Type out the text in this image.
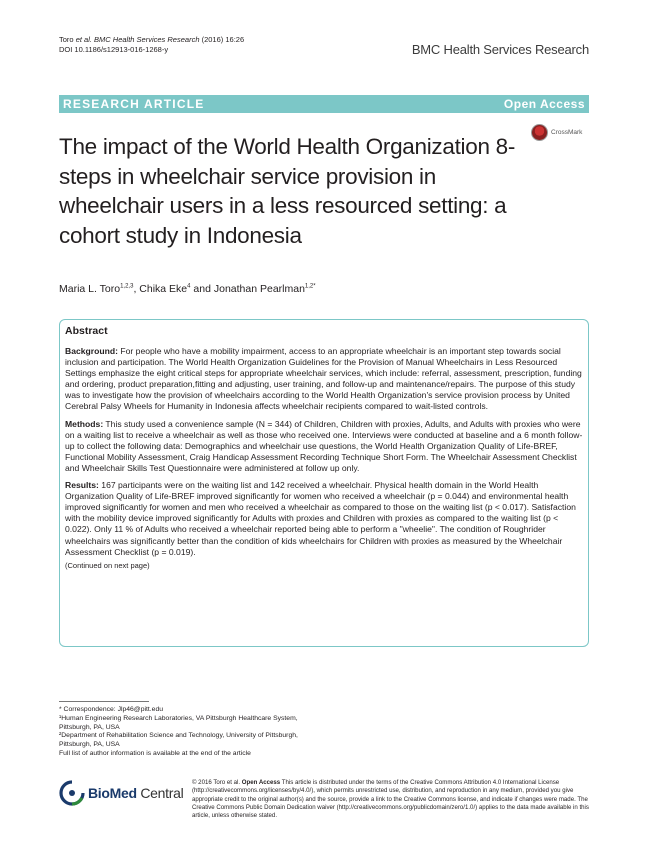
Toro et al. BMC Health Services Research (2016) 16:26
DOI 10.1186/s12913-016-1268-y	BMC Health Services Research
RESEARCH ARTICLE	Open Access
CrossMark
The impact of the World Health Organization 8-steps in wheelchair service provision in wheelchair users in a less resourced setting: a cohort study in Indonesia
Maria L. Toro$^{1,2,3}$, Chika Eke$^4$ and Jonathan Pearlman$^{1,2*}$
Abstract

Background: For people who have a mobility impairment, access to an appropriate wheelchair is an important step towards social inclusion and participation. The World Health Organization Guidelines for the Provision of Manual Wheelchairs in Less Resourced Settings emphasize the eight critical steps for appropriate wheelchair services, which include: referral, assessment, prescription, funding and ordering, product preparation,fitting and adjusting, user training, and follow-up and maintenance/repairs. The purpose of this study was to investigate how the provision of wheelchairs according to the World Health Organization's service provision process by United Cerebral Palsy Wheels for Humanity in Indonesia affects wheelchair recipients compared to wait-listed controls.

Methods: This study used a convenience sample (N = 344) of Children, Children with proxies, Adults, and Adults with proxies who were on a waiting list to receive a wheelchair as well as those who received one. Interviews were conducted at baseline and a 6 month follow-up to collect the following data: Demographics and wheelchair use questions, the World Health Organization Quality of Life-BREF, Functional Mobility Assessment, Craig Handicap Assessment Recording Technique Short Form. The Wheelchair Assessment Checklist and Wheelchair Skills Test Questionnaire were administered at follow up only.

Results: 167 participants were on the waiting list and 142 received a wheelchair. Physical health domain in the World Health Organization Quality of Life-BREF improved significantly for women who received a wheelchair (p = 0.044) and environmental health improved significantly for women and men who received a wheelchair as compared to those on the waiting list (p < 0.017). Satisfaction with the mobility device improved significantly for Adults with proxies and Children with proxies as compared to the waiting list (p < 0.022). Only 11 % of Adults who received a wheelchair reported being able to perform a "wheelie". The condition of Roughrider wheelchairs was significantly better than the condition of kids wheelchairs for Children with proxies as measured by the Wheelchair Assessment Checklist (p = 0.019).

(Continued on next page)

* Correspondence: Jlp46@pitt.edu
¹Human Engineering Research Laboratories, VA Pittsburgh Healthcare System, Pittsburgh, PA, USA
²Department of Rehabilitation Science and Technology, University of Pittsburgh, Pittsburgh, PA, USA
Full list of author information is available at the end of the article
BioMed Central
© 2016 Toro et al. Open Access This article is distributed under the terms of the Creative Commons Attribution 4.0 International License (http://creativecommons.org/licenses/by/4.0/), which permits unrestricted use, distribution, and reproduction in any medium, provided you give appropriate credit to the original author(s) and the source, provide a link to the Creative Commons license, and indicate if changes were made. The Creative Commons Public Domain Dedication waiver (http://creativecommons.org/publicdomain/zero/1.0/) applies to the data made available in this article, unless otherwise stated.
